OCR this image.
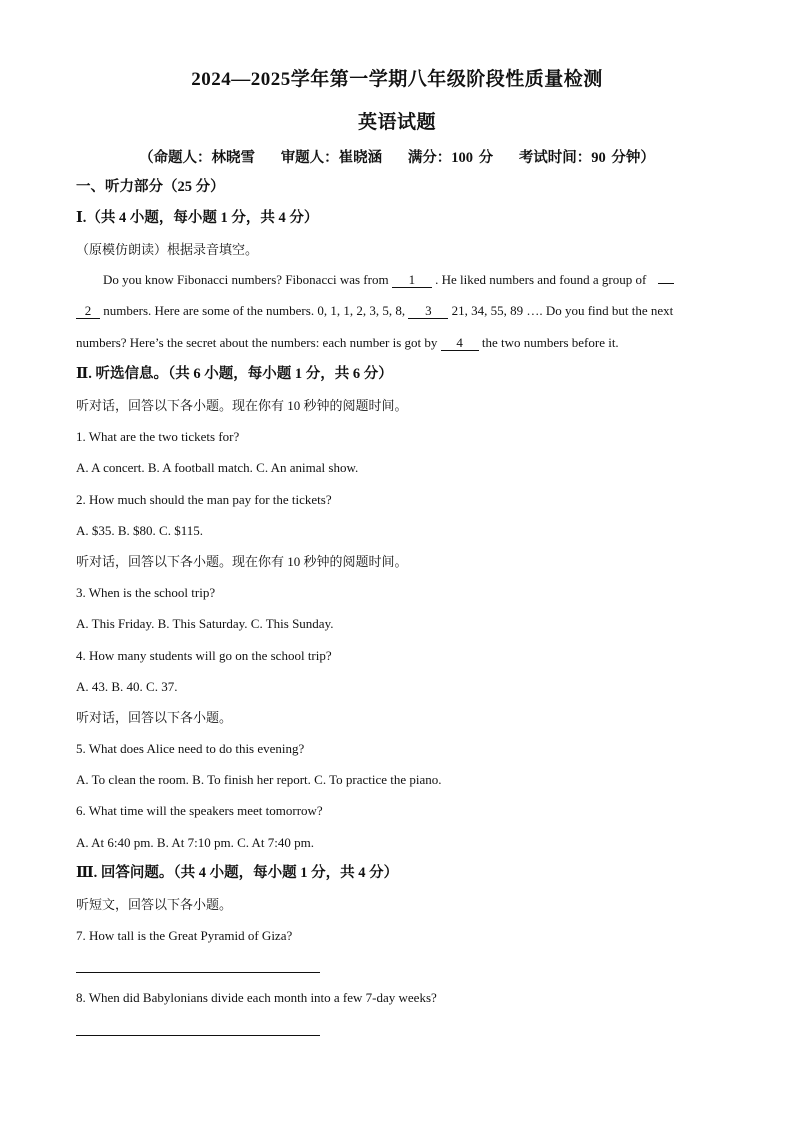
2024—2025学年第一学期八年级阶段性质量检测
英语试题
（命题人：林晓雪 审题人：崔晓涵 满分：100 分 考试时间：90 分钟）
一、听力部分（25 分）
Ⅰ.（共 4 小题，每小题 1 分，共 4 分）
（原模仿朗读）根据录音填空。
Do you know Fibonacci numbers? Fibonacci was from 1 . He liked numbers and found a group of
2 numbers. Here are some of the numbers. 0, 1, 1, 2, 3, 5, 8, 3 21, 34, 55, 89 …. Do you find but the next
numbers? Here’s the secret about the numbers: each number is got by 4 the two numbers before it.
Ⅱ. 听选信息。（共 6 小题，每小题 1 分，共 6 分）
听对话，回答以下各小题。现在你有 10 秒钟的阅题时间。
1. What are the two tickets for?
A. A concert. B. A football match. C. An animal show.
2. How much should the man pay for the tickets?
A. $35. B. $80. C. $115.
听对话，回答以下各小题。现在你有 10 秒钟的阅题时间。
3. When is the school trip?
A. This Friday. B. This Saturday. C. This Sunday.
4. How many students will go on the school trip?
A. 43. B. 40. C. 37.
听对话，回答以下各小题。
5. What does Alice need to do this evening?
A. To clean the room. B. To finish her report. C. To practice the piano.
6. What time will the speakers meet tomorrow?
A. At 6:40 pm. B. At 7:10 pm. C. At 7:40 pm.
Ⅲ. 回答问题。（共 4 小题，每小题 1 分，共 4 分）
听短文，回答以下各小题。
7. How tall is the Great Pyramid of Giza?
8. When did Babylonians divide each month into a few 7-day weeks?
